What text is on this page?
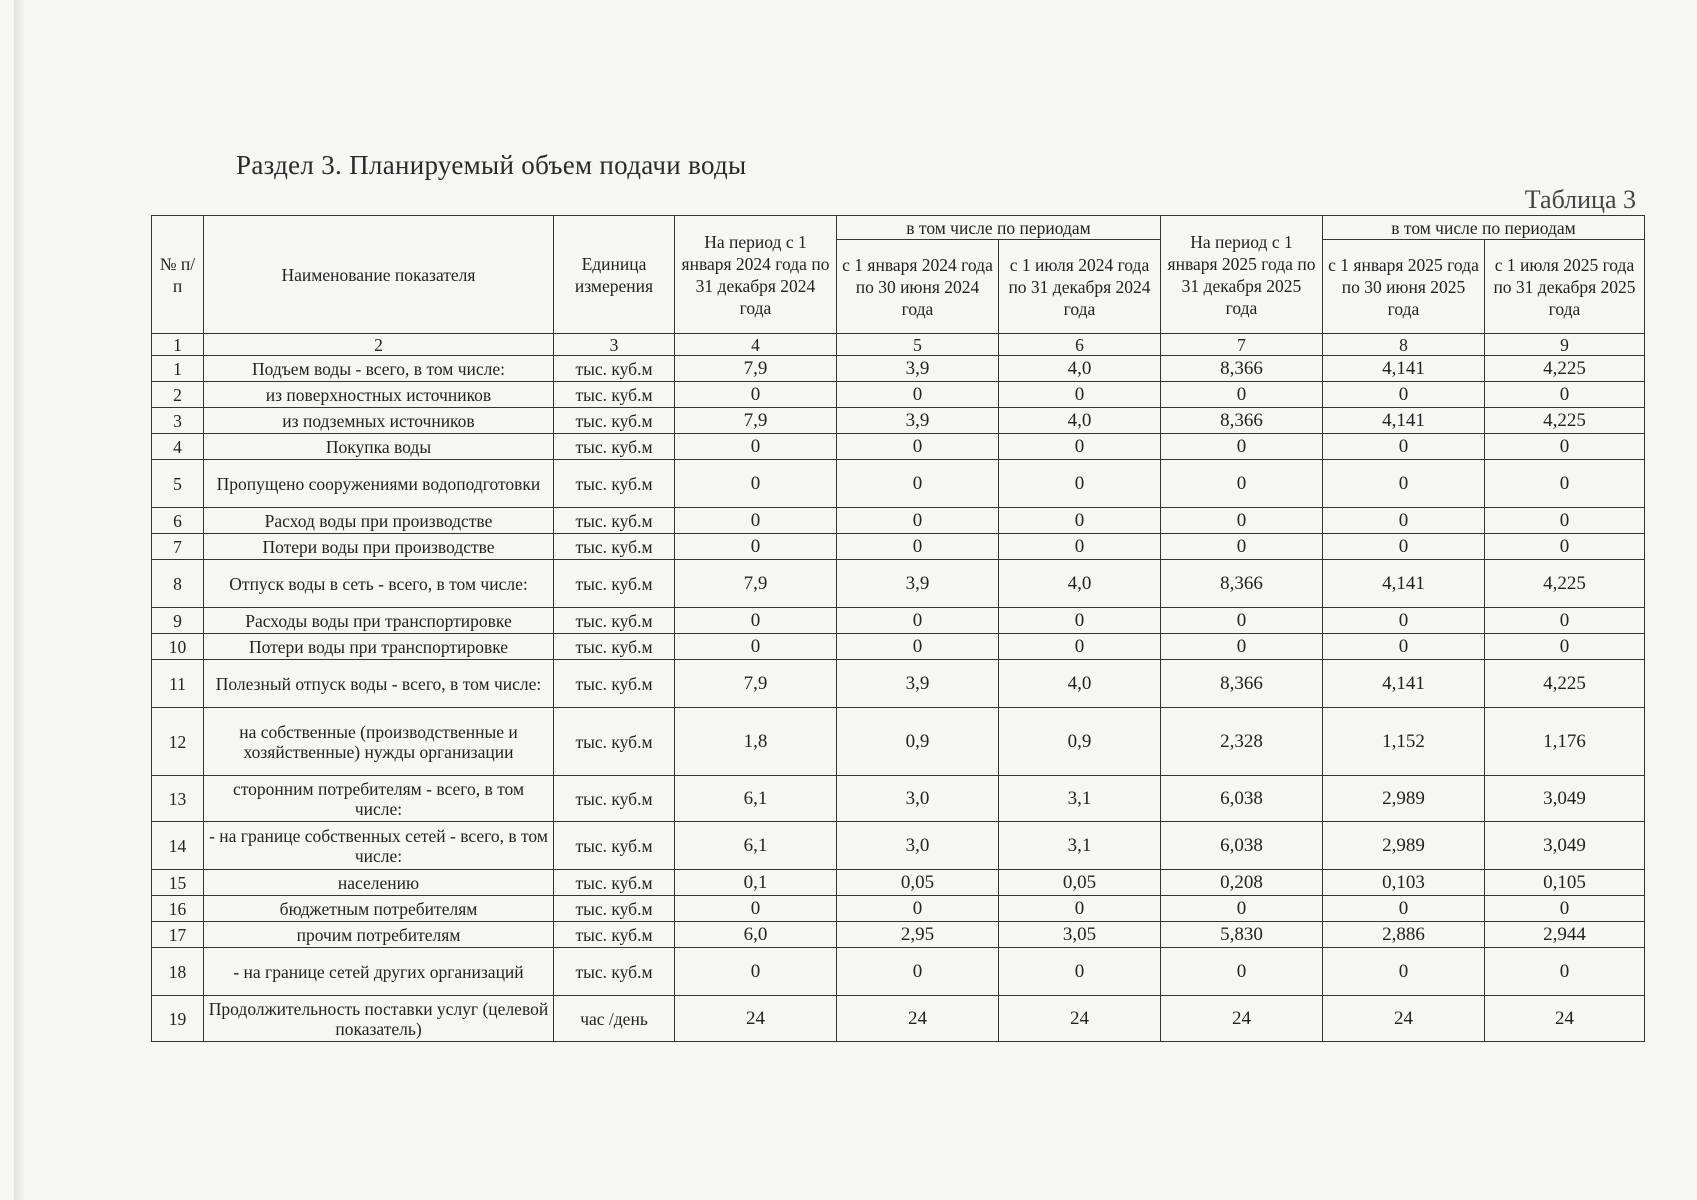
Раздел 3. Планируемый объем подачи воды
Таблица 3
№ п/п	Наименование показателя	Единица измерения	На период с 1 января 2024 года по 31 декабря 2024 года	в том числе по периодам		На период с 1 января 2025 года по 31 декабря 2025 года	в том числе по периодам	
				с 1 января 2024 года по 30 июня 2024 года	с 1 июля 2024 года по 31 декабря 2024 года		с 1 января 2025 года по 30 июня 2025 года	с 1 июля 2025 года по 31 декабря 2025 года
1	2	3	4	5	6	7	8	9
1	Подъем воды - всего, в том числе:	тыс. куб.м	7,9	3,9	4,0	8,366	4,141	4,225
2	из поверхностных источников	тыс. куб.м	0	0	0	0	0	0
3	из подземных источников	тыс. куб.м	7,9	3,9	4,0	8,366	4,141	4,225
4	Покупка воды	тыс. куб.м	0	0	0	0	0	0
5	Пропущено сооружениями водоподготовки	тыс. куб.м	0	0	0	0	0	0
6	Расход воды при производстве	тыс. куб.м	0	0	0	0	0	0
7	Потери воды при производстве	тыс. куб.м	0	0	0	0	0	0
8	Отпуск воды в сеть - всего, в том числе:	тыс. куб.м	7,9	3,9	4,0	8,366	4,141	4,225
9	Расходы воды при транспортировке	тыс. куб.м	0	0	0	0	0	0
10	Потери воды при транспортировке	тыс. куб.м	0	0	0	0	0	0
11	Полезный отпуск воды - всего, в том числе:	тыс. куб.м	7,9	3,9	4,0	8,366	4,141	4,225
12	на собственные (производственные и хозяйственные) нужды организации	тыс. куб.м	1,8	0,9	0,9	2,328	1,152	1,176
13	сторонним потребителям - всего, в том числе:	тыс. куб.м	6,1	3,0	3,1	6,038	2,989	3,049
14	- на границе собственных сетей - всего, в том числе:	тыс. куб.м	6,1	3,0	3,1	6,038	2,989	3,049
15	населению	тыс. куб.м	0,1	0,05	0,05	0,208	0,103	0,105
16	бюджетным потребителям	тыс. куб.м	0	0	0	0	0	0
17	прочим потребителям	тыс. куб.м	6,0	2,95	3,05	5,830	2,886	2,944
18	- на границе сетей других организаций	тыс. куб.м	0	0	0	0	0	0
19	Продолжительность поставки услуг (целевой показатель)	час /день	24	24	24	24	24	24
